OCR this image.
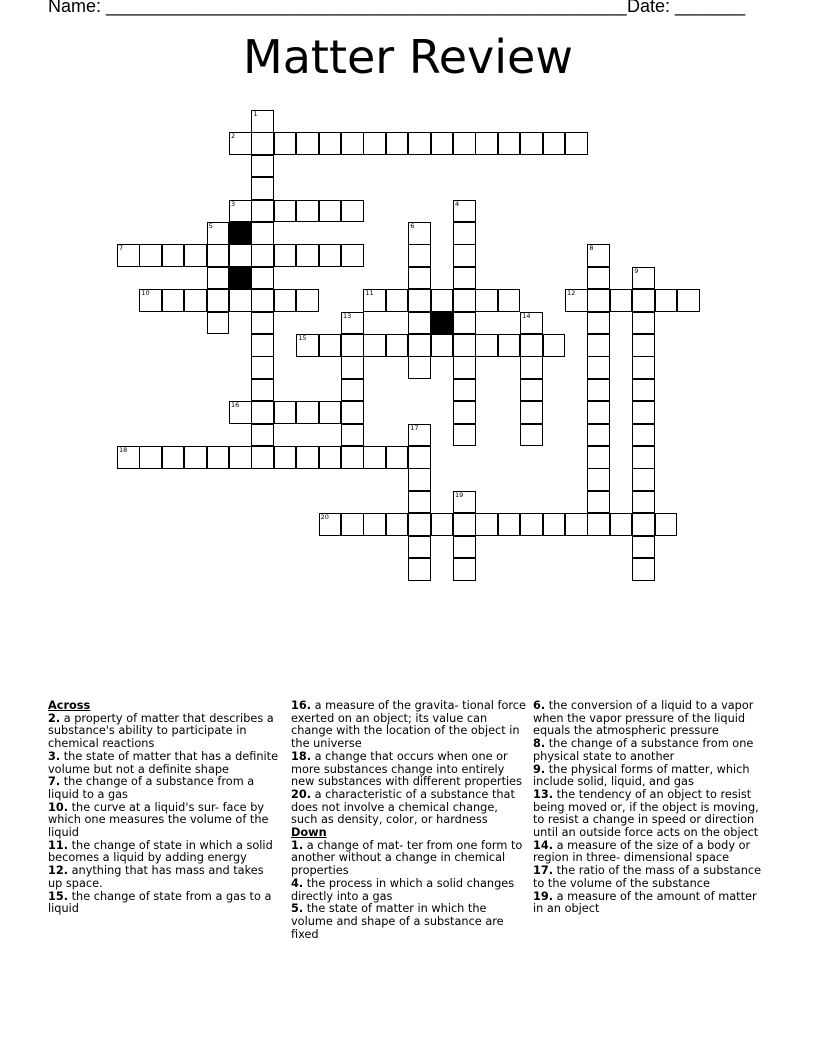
Name: ____________________________________________________ Date: _______
Matter Review
1
2
3	4
5	6
7	8
9
10	11	12
13	14
15
16
17
18
19
20
Across
2. a property of matter that describes a substance's ability to participate in chemical reactions
3. the state of matter that has a definite volume but not a definite shape
7. the change of a substance from a liquid to a gas
10. the curve at a liquid's sur- face by which one measures the volume of the liquid
11. the change of state in which a solid becomes a liquid by adding energy
12. anything that has mass and takes up space.
15. the change of state from a gas to a liquid
16. a measure of the gravita- tional force exerted on an object; its value can change with the location of the object in the universe
18. a change that occurs when one or more substances change into entirely new substances with different properties
20. a characteristic of a substance that does not involve a chemical change, such as density, color, or hardness
Down
1. a change of mat- ter from one form to another without a change in chemical properties
4. the process in which a solid changes directly into a gas
5. the state of matter in which the volume and shape of a substance are fixed
6. the conversion of a liquid to a vapor when the vapor pressure of the liquid equals the atmospheric pressure
8. the change of a substance from one physical state to another
9. the physical forms of matter, which include solid, liquid, and gas
13. the tendency of an object to resist being moved or, if the object is moving, to resist a change in speed or direction until an outside force acts on the object
14. a measure of the size of a body or region in three- dimensional space
17. the ratio of the mass of a substance to the volume of the substance
19. a measure of the amount of matter in an object
